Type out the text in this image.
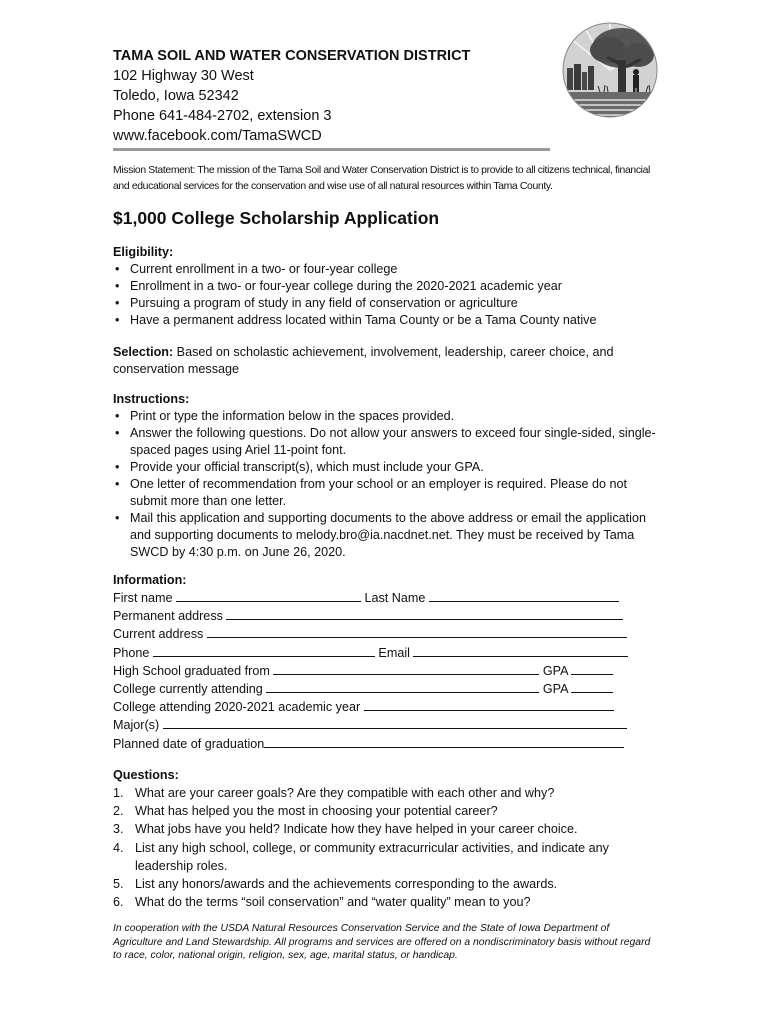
TAMA SOIL AND WATER CONSERVATION DISTRICT
102 Highway 30 West
Toledo, Iowa 52342
Phone 641-484-2702, extension 3
www.facebook.com/TamaSWCD
Mission Statement: The mission of the Tama Soil and Water Conservation District is to provide to all citizens technical, financial and educational services for the conservation and wise use of all natural resources within Tama County.
$1,000 College Scholarship Application
Eligibility:
• Current enrollment in a two- or four-year college
• Enrollment in a two- or four-year college during the 2020-2021 academic year
• Pursuing a program of study in any field of conservation or agriculture
• Have a permanent address located within Tama County or be a Tama County native
Selection: Based on scholastic achievement, involvement, leadership, career choice, and conservation message
Instructions:
• Print or type the information below in the spaces provided.
• Answer the following questions. Do not allow your answers to exceed four single-sided, single-spaced pages using Ariel 11-point font.
• Provide your official transcript(s), which must include your GPA.
• One letter of recommendation from your school or an employer is required. Please do not submit more than one letter.
• Mail this application and supporting documents to the above address or email the application and supporting documents to melody.bro@ia.nacdnet.net. They must be received by Tama SWCD by 4:30 p.m. on June 26, 2020.
Information:
First name	Last Name
Permanent address
Current address
Phone	Email
High School graduated from	GPA
College currently attending	GPA
College attending 2020-2021 academic year
Major(s)
Planned date of graduation
Questions:
1. What are your career goals? Are they compatible with each other and why?
2. What has helped you the most in choosing your potential career?
3. What jobs have you held? Indicate how they have helped in your career choice.
4. List any high school, college, or community extracurricular activities, and indicate any leadership roles.
5. List any honors/awards and the achievements corresponding to the awards.
6. What do the terms “soil conservation” and “water quality” mean to you?
In cooperation with the USDA Natural Resources Conservation Service and the State of Iowa Department of Agriculture and Land Stewardship. All programs and services are offered on a nondiscriminatory basis without regard to race, color, national origin, religion, sex, age, marital status, or handicap.
